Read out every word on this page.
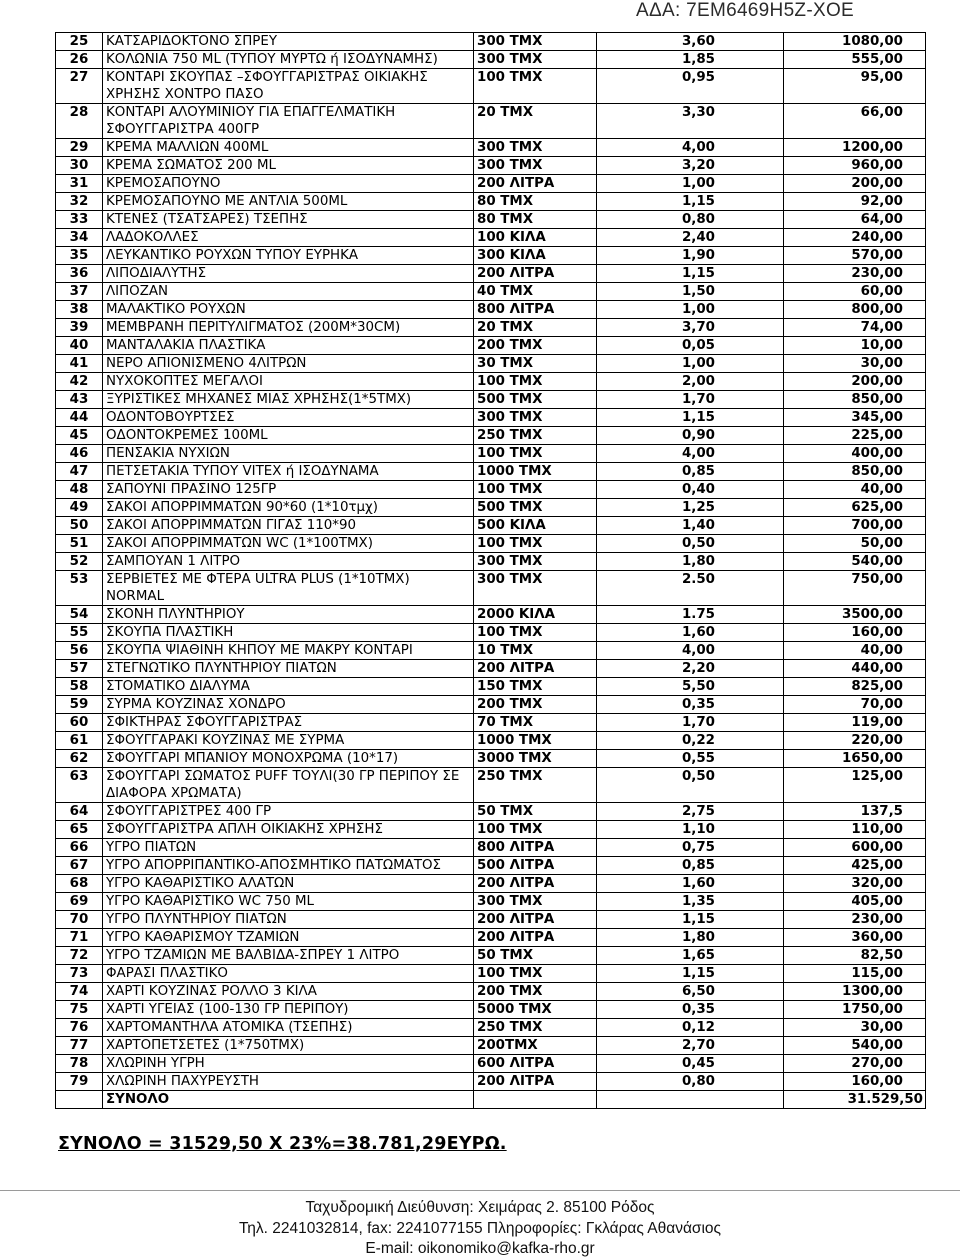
ΑΔΑ: 7ΕΜ6469Η5Ζ-ΧΟΕ
25	ΚΑΤΣΑΡΙΔΟΚΤΟΝΟ ΣΠΡΕΥ	300 ΤΜΧ	3,60	1080,00
26	ΚΟΛΩΝΙΑ 750 ML (ΤΥΠΟΥ ΜΥΡΤΩ ή ΙΣΟΔΥΝΑΜΗΣ)	300 ΤΜΧ	1,85	555,00
27	ΚΟΝΤΑΡΙ ΣΚΟΥΠΑΣ –ΣΦΟΥΓΓΑΡΙΣΤΡΑΣ ΟΙΚΙΑΚΗΣ ΧΡΗΣΗΣ ΧΟΝΤΡΟ ΠΑΣΟ	100 ΤΜΧ	0,95	95,00
28	ΚΟΝΤΑΡΙ ΑΛΟΥΜΙΝΙΟΥ ΓΙΑ ΕΠΑΓΓΕΛΜΑΤΙΚΗ ΣΦΟΥΓΓΑΡΙΣΤΡΑ 400ΓΡ	20 ΤΜΧ	3,30	66,00
29	ΚΡΕΜΑ ΜΑΛΛΙΩΝ 400ML	300 ΤΜΧ	4,00	1200,00
30	ΚΡΕΜΑ ΣΩΜΑΤΟΣ 200 ML	300 ΤΜΧ	3,20	960,00
31	ΚΡΕΜΟΣΑΠΟΥΝΟ	200 ΛΙΤΡΑ	1,00	200,00
32	ΚΡΕΜΟΣΑΠΟΥΝΟ ΜΕ ΑΝΤΛΙΑ 500ML	80 ΤΜΧ	1,15	92,00
33	ΚΤΕΝΕΣ (ΤΣΑΤΣΑΡΕΣ) ΤΣΕΠΗΣ	80 ΤΜΧ	0,80	64,00
34	ΛΑΔΟΚΟΛΛΕΣ	100 ΚΙΛΑ	2,40	240,00
35	ΛΕΥΚΑΝΤΙΚΟ ΡΟΥΧΩΝ ΤΥΠΟΥ ΕΥΡΗΚΑ	300 ΚΙΛΑ	1,90	570,00
36	ΛΙΠΟΔΙΑΛΥΤΗΣ	200 ΛΙΤΡΑ	1,15	230,00
37	ΛΙΠΟΖΑΝ	40 ΤΜΧ	1,50	60,00
38	ΜΑΛΑΚΤΙΚΟ ΡΟΥΧΩΝ	800 ΛΙΤΡΑ	1,00	800,00
39	ΜΕΜΒΡΑΝΗ ΠΕΡΙΤΥΛΙΓΜΑΤΟΣ (200Μ*30CM)	20 ΤΜΧ	3,70	74,00
40	ΜΑΝΤΑΛΑΚΙΑ ΠΛΑΣΤΙΚΑ	200 ΤΜΧ	0,05	10,00
41	ΝΕΡΟ ΑΠΙΟΝΙΣΜΕΝΟ 4ΛΙΤΡΩΝ	30 ΤΜΧ	1,00	30,00
42	ΝΥΧΟΚΟΠΤΕΣ ΜΕΓΑΛΟΙ	100 ΤΜΧ	2,00	200,00
43	ΞΥΡΙΣΤΙΚΕΣ ΜΗΧΑΝΕΣ ΜΙΑΣ ΧΡΗΣΗΣ(1*5ΤΜΧ)	500 ΤΜΧ	1,70	850,00
44	ΟΔΟΝΤΟΒΟΥΡΤΣΕΣ	300 ΤΜΧ	1,15	345,00
45	ΟΔΟΝΤΟΚΡΕΜΕΣ 100ML	250 ΤΜΧ	0,90	225,00
46	ΠΕΝΣΑΚΙΑ ΝΥΧΙΩΝ	100 ΤΜΧ	4,00	400,00
47	ΠΕΤΣΕΤΑΚΙΑ ΤΥΠΟΥ VITEX ή ΙΣΟΔΥΝΑΜΑ	1000 ΤΜΧ	0,85	850,00
48	ΣΑΠΟΥΝΙ ΠΡΑΣΙΝΟ 125ΓΡ	100 ΤΜΧ	0,40	40,00
49	ΣΑΚΟΙ ΑΠΟΡΡΙΜΜΑΤΩΝ 90*60 (1*10τμχ)	500 ΤΜΧ	1,25	625,00
50	ΣΑΚΟΙ ΑΠΟΡΡΙΜΜΑΤΩΝ ΓΙΓΑΣ 110*90	500 ΚΙΛΑ	1,40	700,00
51	ΣΑΚΟΙ ΑΠΟΡΡΙΜΜΑΤΩΝ WC (1*100ΤΜΧ)	100 ΤΜΧ	0,50	50,00
52	ΣΑΜΠΟΥΑΝ 1 ΛΙΤΡΟ	300 ΤΜΧ	1,80	540,00
53	ΣΕΡΒΙΕΤΕΣ ΜΕ ΦΤΕΡΑ ULTRA PLUS (1*10ΤΜΧ) NORMAL	300 ΤΜΧ	2.50	750,00
54	ΣΚΟΝΗ ΠΛΥΝΤΗΡΙΟΥ	2000 ΚΙΛΑ	1.75	3500,00
55	ΣΚΟΥΠΑ ΠΛΑΣΤΙΚΗ	100 ΤΜΧ	1,60	160,00
56	ΣΚΟΥΠΑ ΨΙΑΘΙΝΗ ΚΗΠΟΥ ΜΕ ΜΑΚΡΥ ΚΟΝΤΑΡΙ	10 ΤΜΧ	4,00	40,00
57	ΣΤΕΓΝΩΤΙΚΟ ΠΛΥΝΤΗΡΙΟΥ ΠΙΑΤΩΝ	200 ΛΙΤΡΑ	2,20	440,00
58	ΣΤΟΜΑΤΙΚΟ ΔΙΑΛΥΜΑ	150 ΤΜΧ	5,50	825,00
59	ΣΥΡΜΑ ΚΟΥΖΙΝΑΣ ΧΟΝΔΡΟ	200 ΤΜΧ	0,35	70,00
60	ΣΦΙΚΤΗΡΑΣ ΣΦΟΥΓΓΑΡΙΣΤΡΑΣ	70 ΤΜΧ	1,70	119,00
61	ΣΦΟΥΓΓΑΡΑΚΙ ΚΟΥΖΙΝΑΣ ΜΕ ΣΥΡΜΑ	1000 ΤΜΧ	0,22	220,00
62	ΣΦΟΥΓΓΑΡΙ ΜΠΑΝΙΟΥ ΜΟΝΟΧΡΩΜΑ (10*17)	3000 ΤΜΧ	0,55	1650,00
63	ΣΦΟΥΓΓΑΡΙ ΣΩΜΑΤΟΣ PUFF ΤΟΥΛΙ(30 ΓΡ ΠΕΡΙΠΟΥ ΣΕ ΔΙΑΦΟΡΑ ΧΡΩΜΑΤΑ)	250 ΤΜΧ	0,50	125,00
64	ΣΦΟΥΓΓΑΡΙΣΤΡΕΣ 400 ΓΡ	50 ΤΜΧ	2,75	137,5
65	ΣΦΟΥΓΓΑΡΙΣΤΡΑ ΑΠΛΗ ΟΙΚΙΑΚΗΣ ΧΡΗΣΗΣ	100 ΤΜΧ	1,10	110,00
66	ΥΓΡΟ ΠΙΑΤΩΝ	800 ΛΙΤΡΑ	0,75	600,00
67	ΥΓΡΟ ΑΠΟΡΡΙΠΑΝΤΙΚΟ-ΑΠΟΣΜΗΤΙΚΟ ΠΑΤΩΜΑΤΟΣ	500 ΛΙΤΡΑ	0,85	425,00
68	ΥΓΡΟ ΚΑΘΑΡΙΣΤΙΚΟ ΑΛΑΤΩΝ	200 ΛΙΤΡΑ	1,60	320,00
69	ΥΓΡΟ ΚΑΘΑΡΙΣΤΙΚΟ WC 750 ML	300 ΤΜΧ	1,35	405,00
70	ΥΓΡΟ ΠΛΥΝΤΗΡΙΟΥ ΠΙΑΤΩΝ	200 ΛΙΤΡΑ	1,15	230,00
71	ΥΓΡΟ ΚΑΘΑΡΙΣΜΟΥ ΤΖΑΜΙΩΝ	200 ΛΙΤΡΑ	1,80	360,00
72	ΥΓΡΟ ΤΖΑΜΙΩΝ ΜΕ ΒΑΛΒΙΔΑ-ΣΠΡΕΥ 1 ΛΙΤΡΟ	50 ΤΜΧ	1,65	82,50
73	ΦΑΡΑΣΙ ΠΛΑΣΤΙΚΟ	100 ΤΜΧ	1,15	115,00
74	ΧΑΡΤΙ ΚΟΥΖΙΝΑΣ ΡΟΛΛΟ 3 ΚΙΛΑ	200 ΤΜΧ	6,50	1300,00
75	ΧΑΡΤΙ ΥΓΕΙΑΣ (100-130 ΓΡ ΠΕΡΙΠΟΥ)	5000 ΤΜΧ	0,35	1750,00
76	ΧΑΡΤΟΜΑΝΤΗΛΑ ΑΤΟΜΙΚΑ (ΤΣΕΠΗΣ)	250 ΤΜΧ	0,12	30,00
77	ΧΑΡΤΟΠΕΤΣΕΤΕΣ (1*750ΤΜΧ)	200ΤΜΧ	2,70	540,00
78	ΧΛΩΡΙΝΗ ΥΓΡΗ	600 ΛΙΤΡΑ	0,45	270,00
79	ΧΛΩΡΙΝΗ ΠΑΧΥΡΕΥΣΤΗ	200 ΛΙΤΡΑ	0,80	160,00
	ΣΥΝΟΛΟ			31.529,50
ΣΥΝΟΛΟ = 31529,50 Χ 23%=38.781,29ΕΥΡΩ.
Ταχυδρομική Διεύθυνση: Χειμάρας 2. 85100 Ρόδος
Τηλ. 2241032814, fax: 2241077155 Πληροφορίες: Γκλάρας Αθανάσιος
E-mail: oikonomiko@kafka-rho.gr
